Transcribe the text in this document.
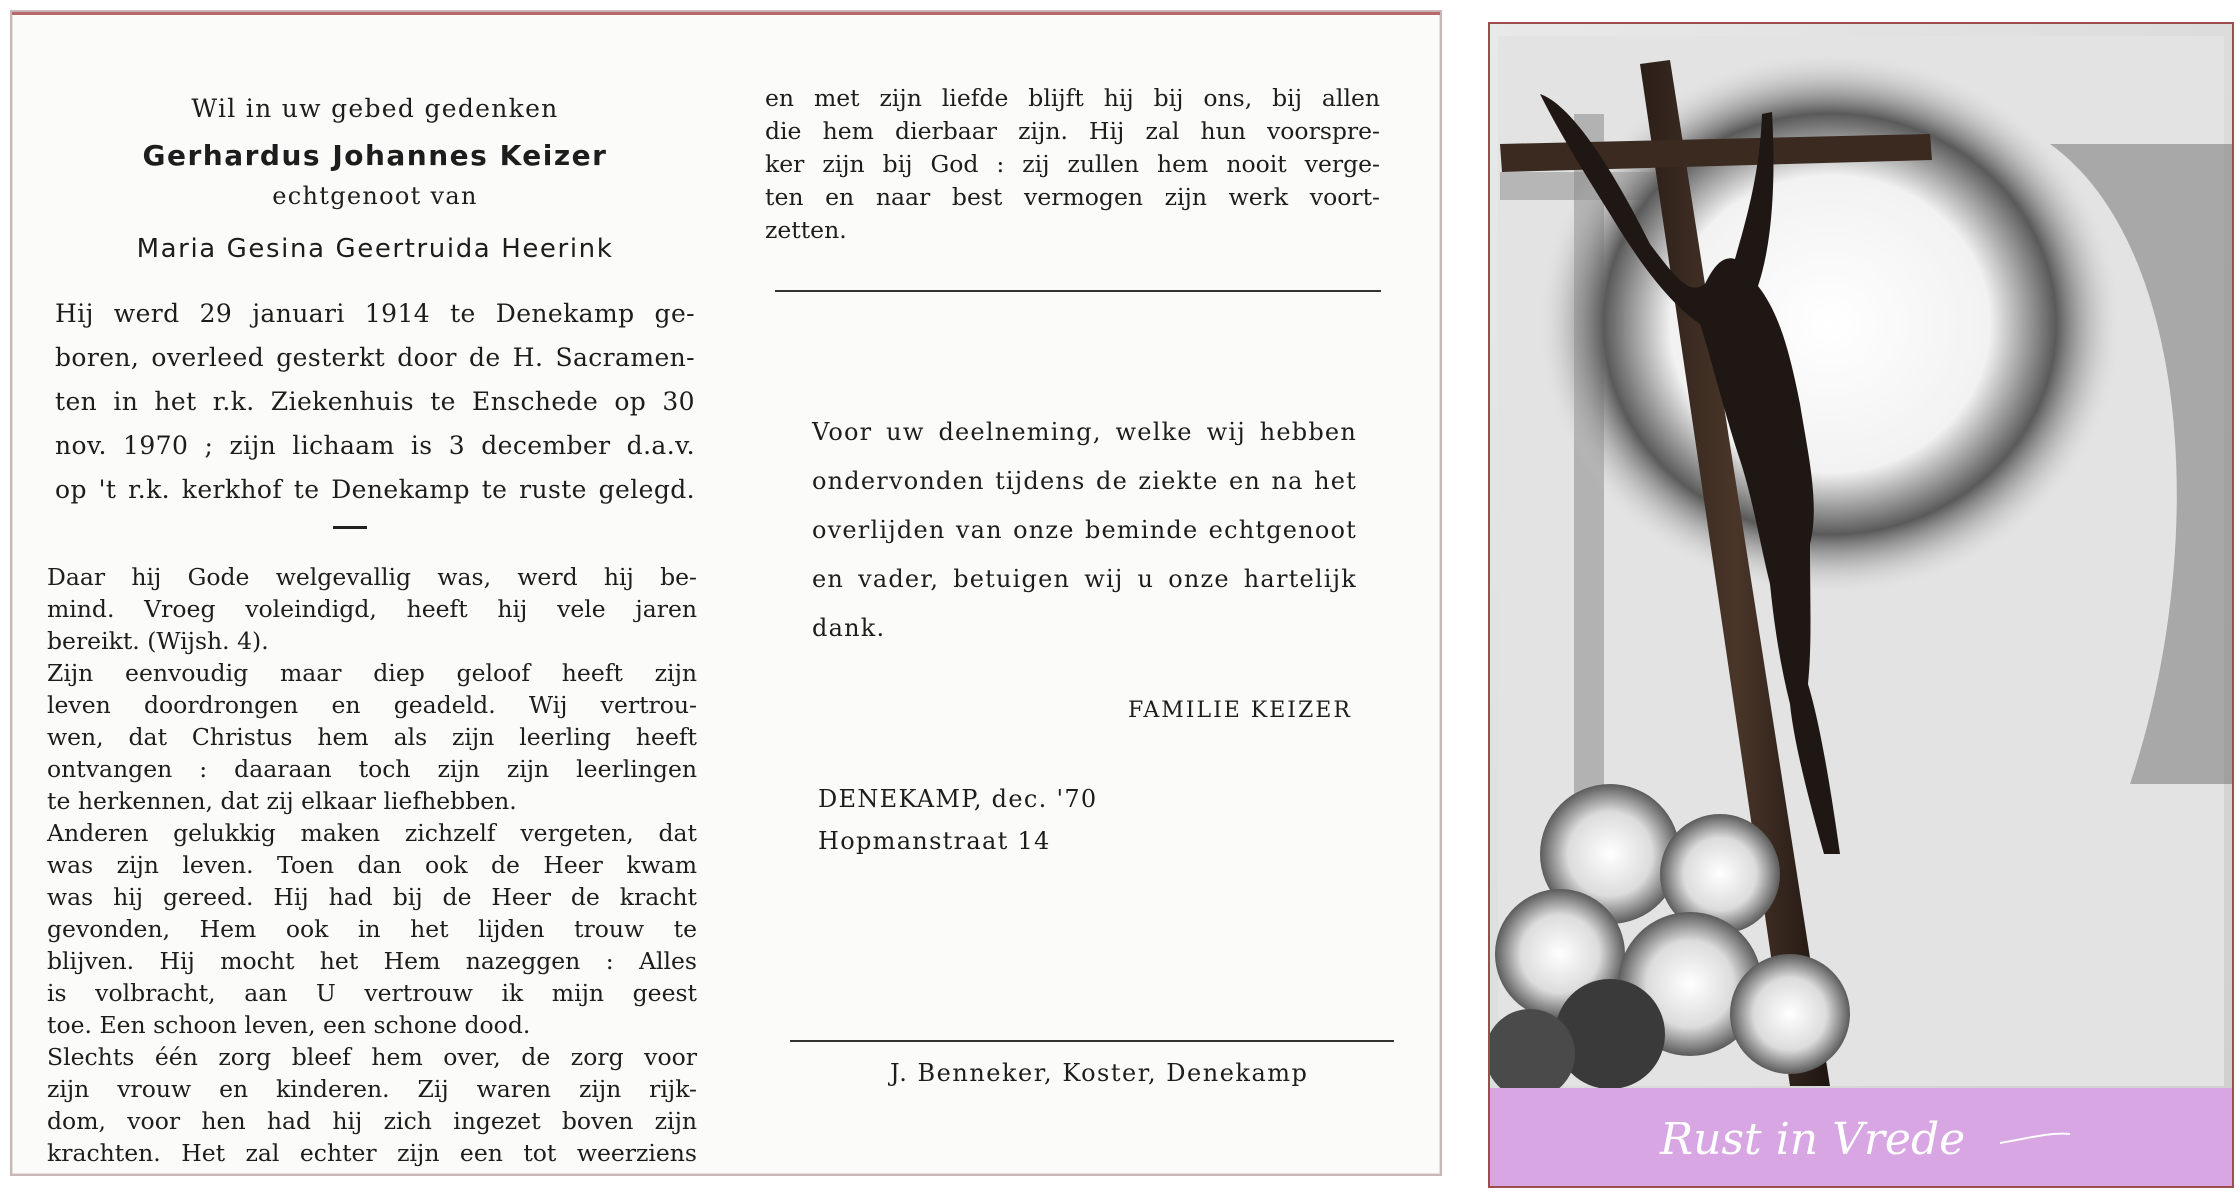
Wil in uw gebed gedenken
Gerhardus Johannes Keizer
echtgenoot van
Maria Gesina Geertruida Heerink
Hij werd 29 januari 1914 te Denekamp ge-
boren, overleed gesterkt door de H. Sacramen-
ten in het r.k. Ziekenhuis te Enschede op 30
nov. 1970 ; zijn lichaam is 3 december d.a.v.
op 't r.k. kerkhof te Denekamp te ruste gelegd.
Daar hij Gode welgevallig was, werd hij be-
mind. Vroeg voleindigd, heeft hij vele jaren
bereikt. (Wijsh. 4).
Zijn eenvoudig maar diep geloof heeft zijn
leven doordrongen en geadeld. Wij vertrou-
wen, dat Christus hem als zijn leerling heeft
ontvangen : daaraan toch zijn zijn leerlingen
te herkennen, dat zij elkaar liefhebben.
Anderen gelukkig maken zichzelf vergeten, dat
was zijn leven. Toen dan ook de Heer kwam
was hij gereed. Hij had bij de Heer de kracht
gevonden, Hem ook in het lijden trouw te
blijven. Hij mocht het Hem nazeggen : Alles
is volbracht, aan U vertrouw ik mijn geest
toe. Een schoon leven, een schone dood.
Slechts één zorg bleef hem over, de zorg voor
zijn vrouw en kinderen. Zij waren zijn rijk-
dom, voor hen had hij zich ingezet boven zijn
krachten. Het zal echter zijn een tot weerziens
en met zijn liefde blijft hij bij ons, bij allen
die hem dierbaar zijn. Hij zal hun voorspre-
ker zijn bij God : zij zullen hem nooit verge-
ten en naar best vermogen zijn werk voort-
zetten.
Voor uw deelneming, welke wij hebben
ondervonden tijdens de ziekte en na het
overlijden van onze beminde echtgenoot
en vader, betuigen wij u onze hartelijk
dank.
FAMILIE KEIZER
DENEKAMP, dec. '70
Hopmanstraat 14
J. Benneker, Koster, Denekamp
Rust in Vrede
